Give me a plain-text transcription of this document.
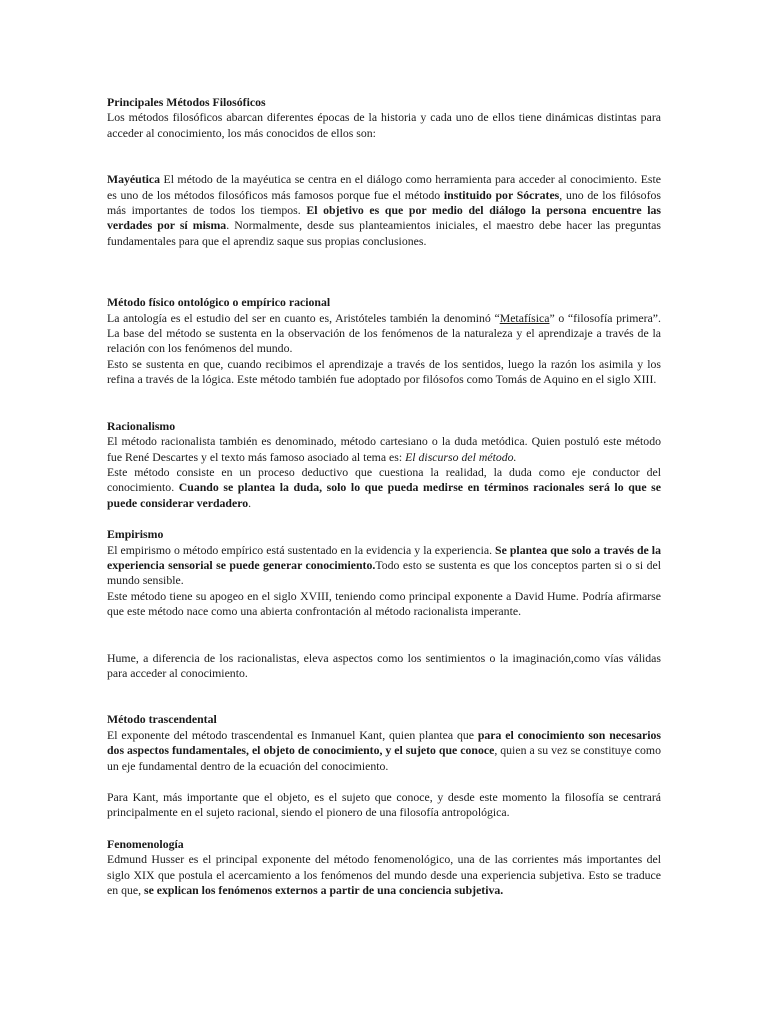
Principales Métodos Filosóficos

Los métodos filosóficos abarcan diferentes épocas de la historia y cada uno de ellos tiene dinámicas distintas para acceder al conocimiento, los más conocidos de ellos son:

Mayéutica El método de la mayéutica se centra en el diálogo como herramienta para acceder al conocimiento. Este es uno de los métodos filosóficos más famosos porque fue el método instituido por Sócrates, uno de los filósofos más importantes de todos los tiempos. El objetivo es que por medio del diálogo la persona encuentre las verdades por sí misma. Normalmente, desde sus planteamientos iniciales, el maestro debe hacer las preguntas fundamentales para que el aprendiz saque sus propias conclusiones.

Método físico ontológico o empírico racional

La antología es el estudio del ser en cuanto es, Aristóteles también la denominó “Metafísica” o “filosofía primera”. La base del método se sustenta en la observación de los fenómenos de la naturaleza y el aprendizaje a través de la relación con los fenómenos del mundo.

Esto se sustenta en que, cuando recibimos el aprendizaje a través de los sentidos, luego la razón los asimila y los refina a través de la lógica. Este método también fue adoptado por filósofos como Tomás de Aquino en el siglo XIII.

Racionalismo

El método racionalista también es denominado, método cartesiano o la duda metódica. Quien postuló este método fue René Descartes y el texto más famoso asociado al tema es: El discurso del método.

Este método consiste en un proceso deductivo que cuestiona la realidad, la duda como eje conductor del conocimiento. Cuando se plantea la duda, solo lo que pueda medirse en términos racionales será lo que se puede considerar verdadero.

Empirismo

El empirismo o método empírico está sustentado en la evidencia y la experiencia. Se plantea que solo a través de la experiencia sensorial se puede generar conocimiento.Todo esto se sustenta es que los conceptos parten si o si del mundo sensible.

Este método tiene su apogeo en el siglo XVIII, teniendo como principal exponente a David Hume. Podría afirmarse que este método nace como una abierta confrontación al método racionalista imperante.

Hume, a diferencia de los racionalistas, eleva aspectos como los sentimientos o la imaginación,como vías válidas para acceder al conocimiento.

Método trascendental

El exponente del método trascendental es Inmanuel Kant, quien plantea que para el conocimiento son necesarios dos aspectos fundamentales, el objeto de conocimiento, y el sujeto que conoce, quien a su vez se constituye como un eje fundamental dentro de la ecuación del conocimiento.

Para Kant, más importante que el objeto, es el sujeto que conoce, y desde este momento la filosofía se centrará principalmente en el sujeto racional, siendo el pionero de una filosofía antropológica.

Fenomenología

Edmund Husser es el principal exponente del método fenomenológico, una de las corrientes más importantes del siglo XIX que postula el acercamiento a los fenómenos del mundo desde una experiencia subjetiva. Esto se traduce en que, se explican los fenómenos externos a partir de una conciencia subjetiva.
